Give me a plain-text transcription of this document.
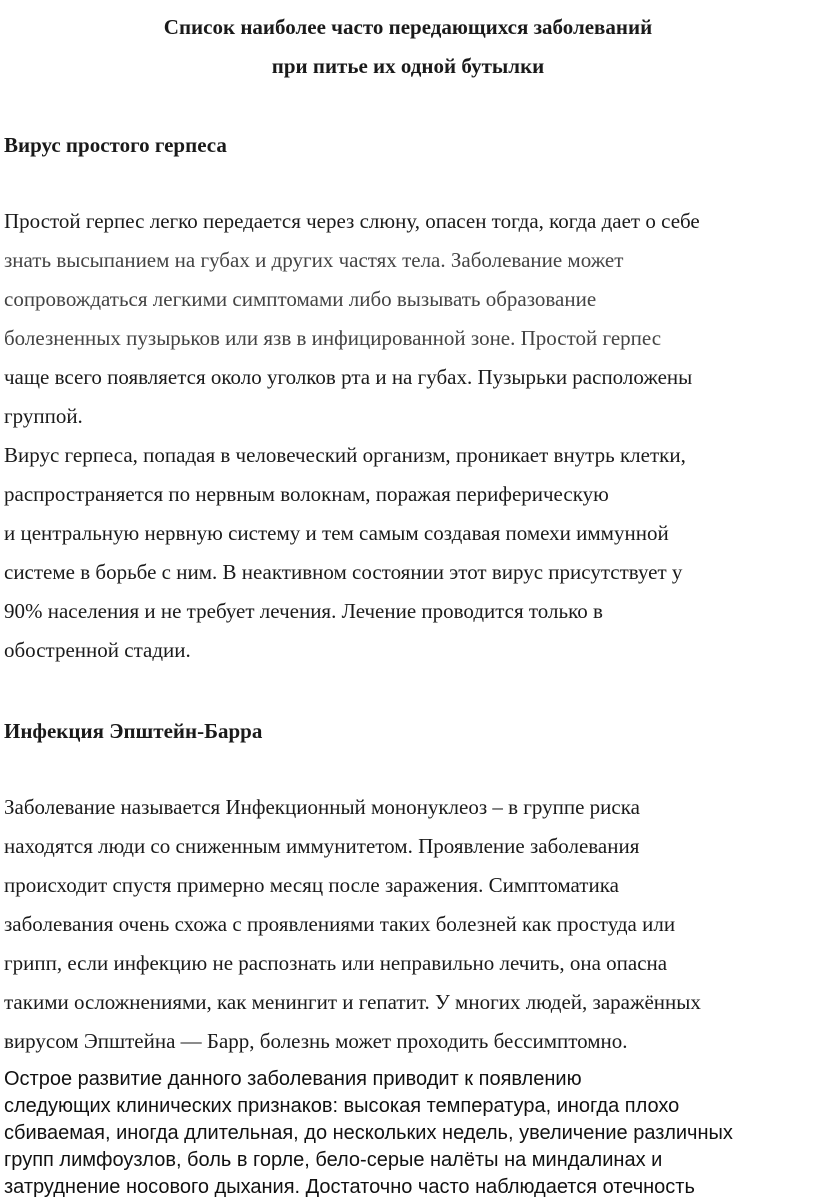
Список наиболее часто передающихся заболеваний
при питье их одной бутылки
Вирус простого герпеса

Простой герпес легко передается через слюну, опасен тогда, когда дает о себе
знать высыпанием на губах и других частях тела. Заболевание может
сопровождаться легкими симптомами либо вызывать образование
болезненных пузырьков или язв в инфицированной зоне. Простой герпес
чаще всего появляется около уголков рта и на губах. Пузырьки расположены
группой.

Вирус герпеса, попадая в человеческий организм, проникает внутрь клетки,
распространяется по нервным волокнам, поражая периферическую
и центральную нервную систему и тем самым создавая помехи иммунной
системе в борьбе с ним. В неактивном состоянии этот вирус присутствует у
90% населения и не требует лечения. Лечение проводится только в
обостренной стадии.

Инфекция Эпштейн-Барра

Заболевание называется Инфекционный мононуклеоз – в группе риска
находятся люди со сниженным иммунитетом. Проявление заболевания
происходит спустя примерно месяц после заражения. Симптоматика
заболевания очень схожа с проявлениями таких болезней как простуда или
грипп, если инфекцию не распознать или неправильно лечить, она опасна
такими осложнениями, как менингит и гепатит. У многих людей, заражённых
вирусом Эпштейна — Барр, болезнь может проходить бессимптомно.

Острое развитие данного заболевания приводит к появлению
следующих клинических признаков: высокая температура, иногда плохо
сбиваемая, иногда длительная, до нескольких недель, увеличение различных
групп лимфоузлов, боль в горле, бело-серые налёты на миндалинах и
затруднение носового дыхания. Достаточно часто наблюдается отечность
